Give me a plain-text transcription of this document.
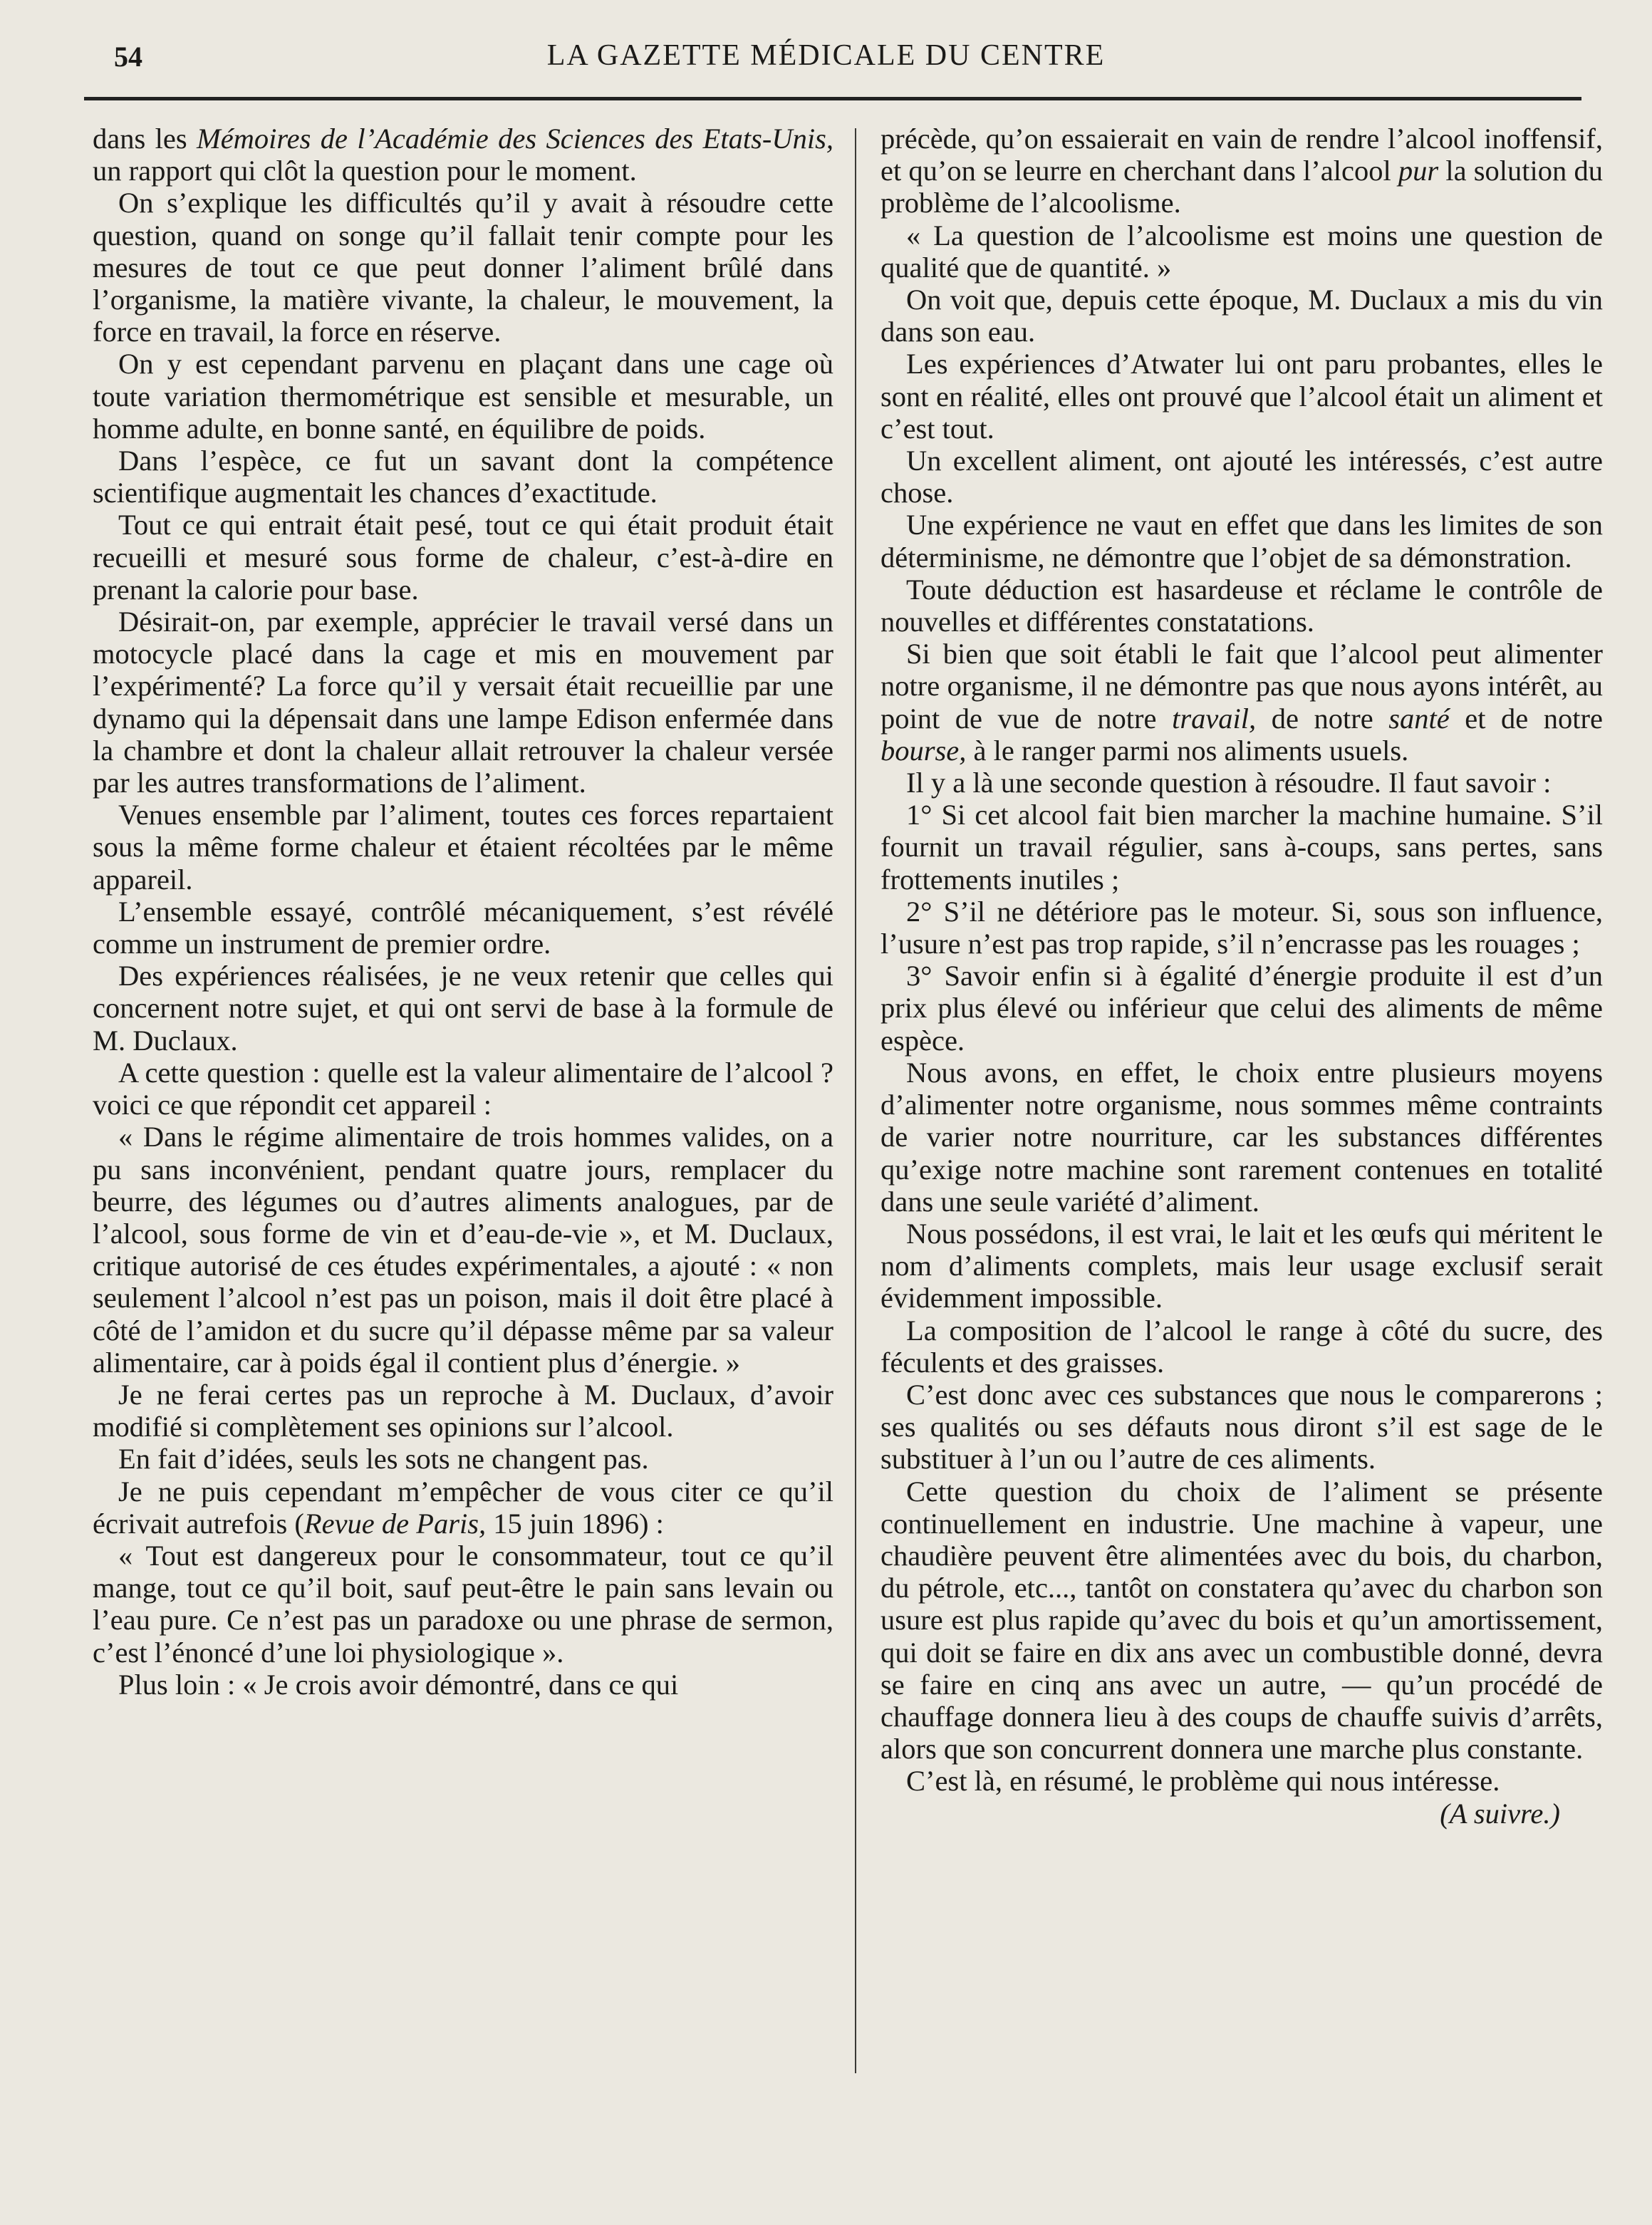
54	LA GAZETTE MÉDICALE DU CENTRE

dans les Mémoires de l’Académie des Sciences des Etats-Unis, un rapport qui clôt la question pour le moment.

On s’explique les difficultés qu’il y avait à résoudre cette question, quand on songe qu’il fallait tenir compte pour les mesures de tout ce que peut donner l’aliment brûlé dans l’organisme, la matière vivante, la chaleur, le mouvement, la force en travail, la force en réserve.

On y est cependant parvenu en plaçant dans une cage où toute variation thermométrique est sensible et mesurable, un homme adulte, en bonne santé, en équilibre de poids.

Dans l’espèce, ce fut un savant dont la compétence scientifique augmentait les chances d’exactitude.

Tout ce qui entrait était pesé, tout ce qui était produit était recueilli et mesuré sous forme de chaleur, c’est-à-dire en prenant la calorie pour base.

Désirait-on, par exemple, apprécier le travail versé dans un motocycle placé dans la cage et mis en mouvement par l’expérimenté? La force qu’il y versait était recueillie par une dynamo qui la dépensait dans une lampe Edison enfermée dans la chambre et dont la chaleur allait retrouver la chaleur versée par les autres transformations de l’aliment.

Venues ensemble par l’aliment, toutes ces forces repartaient sous la même forme chaleur et étaient récoltées par le même appareil.

L’ensemble essayé, contrôlé mécaniquement, s’est révélé comme un instrument de premier ordre.

Des expériences réalisées, je ne veux retenir que celles qui concernent notre sujet, et qui ont servi de base à la formule de M. Duclaux.

A cette question : quelle est la valeur alimentaire de l’alcool ? voici ce que répondit cet appareil :

« Dans le régime alimentaire de trois hommes valides, on a pu sans inconvénient, pendant quatre jours, remplacer du beurre, des légumes ou d’autres aliments analogues, par de l’alcool, sous forme de vin et d’eau-de-vie », et M. Duclaux, critique autorisé de ces études expérimentales, a ajouté : « non seulement l’alcool n’est pas un poison, mais il doit être placé à côté de l’amidon et du sucre qu’il dépasse même par sa valeur alimentaire, car à poids égal il contient plus d’énergie. »

Je ne ferai certes pas un reproche à M. Duclaux, d’avoir modifié si complètement ses opinions sur l’alcool.

En fait d’idées, seuls les sots ne changent pas.

Je ne puis cependant m’empêcher de vous citer ce qu’il écrivait autrefois (Revue de Paris, 15 juin 1896) :

« Tout est dangereux pour le consommateur, tout ce qu’il mange, tout ce qu’il boit, sauf peut-être le pain sans levain ou l’eau pure. Ce n’est pas un paradoxe ou une phrase de sermon, c’est l’énoncé d’une loi physiologique ».

Plus loin : « Je crois avoir démontré, dans ce qui

précède, qu’on essaierait en vain de rendre l’alcool inoffensif, et qu’on se leurre en cherchant dans l’alcool pur la solution du problème de l’alcoolisme.

« La question de l’alcoolisme est moins une question de qualité que de quantité. »

On voit que, depuis cette époque, M. Duclaux a mis du vin dans son eau.

Les expériences d’Atwater lui ont paru probantes, elles le sont en réalité, elles ont prouvé que l’alcool était un aliment et c’est tout.

Un excellent aliment, ont ajouté les intéressés, c’est autre chose.

Une expérience ne vaut en effet que dans les limites de son déterminisme, ne démontre que l’objet de sa démonstration.

Toute déduction est hasardeuse et réclame le contrôle de nouvelles et différentes constatations.

Si bien que soit établi le fait que l’alcool peut alimenter notre organisme, il ne démontre pas que nous ayons intérêt, au point de vue de notre travail, de notre santé et de notre bourse, à le ranger parmi nos aliments usuels.

Il y a là une seconde question à résoudre. Il faut savoir :

1° Si cet alcool fait bien marcher la machine humaine. S’il fournit un travail régulier, sans à-coups, sans pertes, sans frottements inutiles ;

2° S’il ne détériore pas le moteur. Si, sous son influence, l’usure n’est pas trop rapide, s’il n’encrasse pas les rouages ;

3° Savoir enfin si à égalité d’énergie produite il est d’un prix plus élevé ou inférieur que celui des aliments de même espèce.

Nous avons, en effet, le choix entre plusieurs moyens d’alimenter notre organisme, nous sommes même contraints de varier notre nourriture, car les substances différentes qu’exige notre machine sont rarement contenues en totalité dans une seule variété d’aliment.

Nous possédons, il est vrai, le lait et les œufs qui méritent le nom d’aliments complets, mais leur usage exclusif serait évidemment impossible.

La composition de l’alcool le range à côté du sucre, des féculents et des graisses.

C’est donc avec ces substances que nous le comparerons ; ses qualités ou ses défauts nous diront s’il est sage de le substituer à l’un ou l’autre de ces aliments.

Cette question du choix de l’aliment se présente continuellement en industrie. Une machine à vapeur, une chaudière peuvent être alimentées avec du bois, du charbon, du pétrole, etc..., tantôt on constatera qu’avec du charbon son usure est plus rapide qu’avec du bois et qu’un amortissement, qui doit se faire en dix ans avec un combustible donné, devra se faire en cinq ans avec un autre, — qu’un procédé de chauffage donnera lieu à des coups de chauffe suivis d’arrêts, alors que son concurrent donnera une marche plus constante.

C’est là, en résumé, le problème qui nous intéresse.

(A suivre.)
